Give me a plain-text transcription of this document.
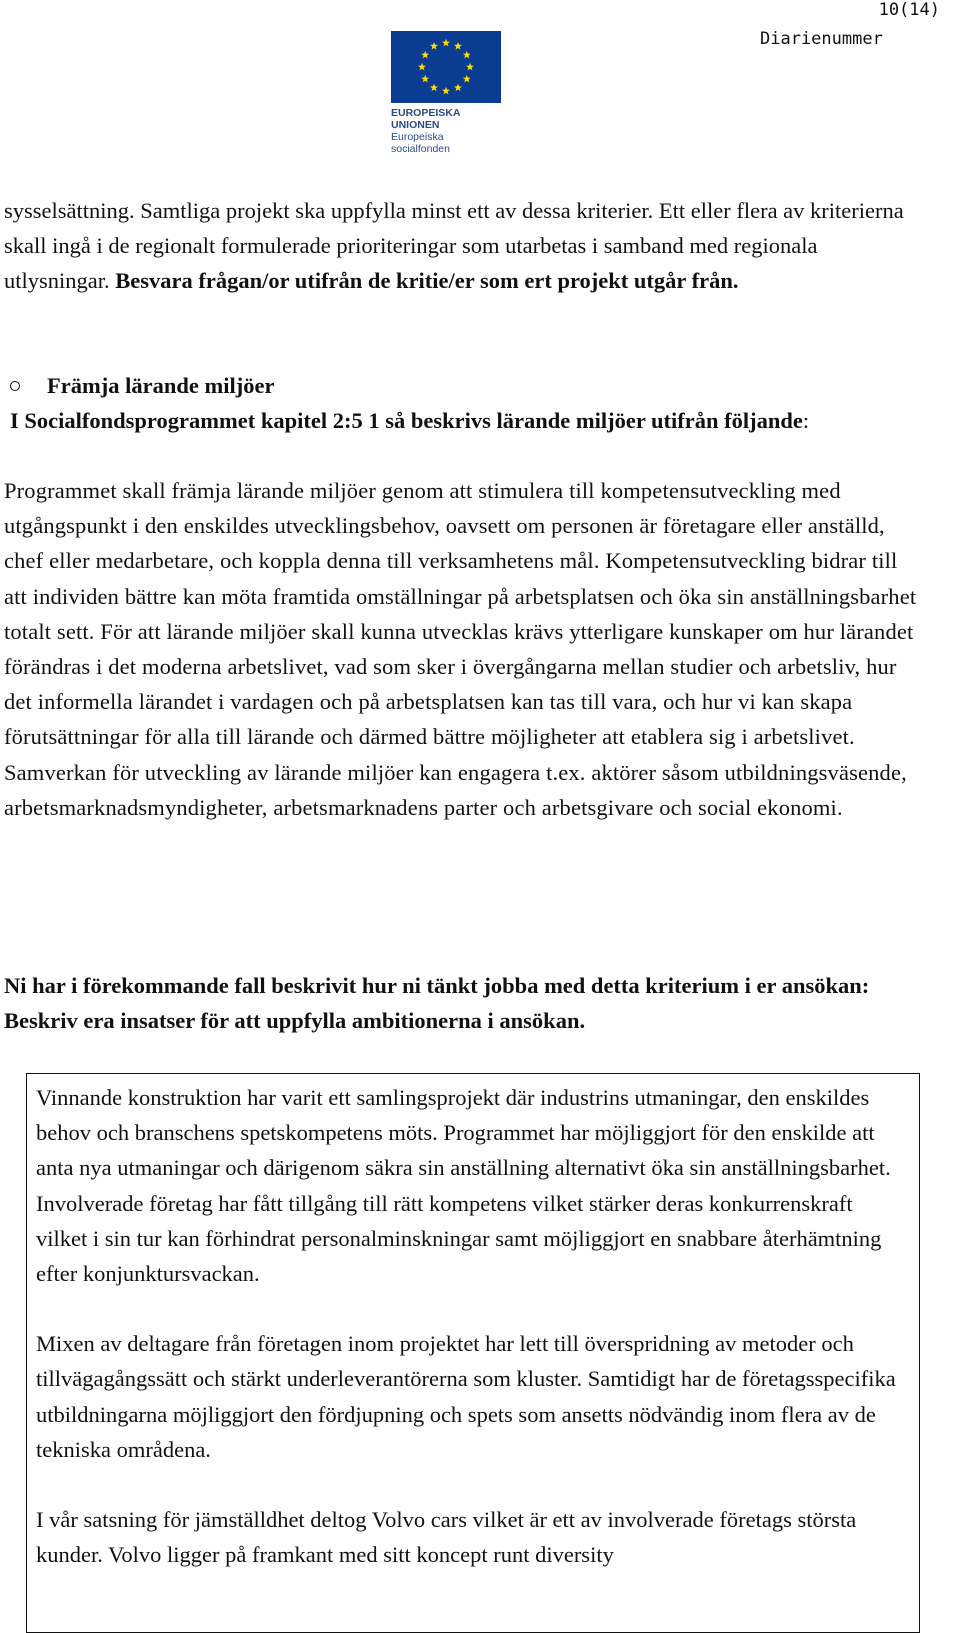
10(14)
Diarienummer
EUROPEISKA UNIONEN
Europeiska socialfonden
sysselsättning. Samtliga projekt ska uppfylla minst ett av dessa kriterier. Ett eller flera av kriterierna skall ingå i de regionalt formulerade prioriteringar som utarbetas i samband med regionala utlysningar. Besvara frågan/or utifrån de kritie/er som ert projekt utgår från.
Främja lärande miljöer
I Socialfondsprogrammet kapitel 2:5 1 så beskrivs lärande miljöer utifrån följande:
Programmet skall främja lärande miljöer genom att stimulera till kompetensutveckling med utgångspunkt i den enskildes utvecklingsbehov, oavsett om personen är företagare eller anställd, chef eller medarbetare, och koppla denna till verksamhetens mål. Kompetensutveckling bidrar till att individen bättre kan möta framtida omställningar på arbetsplatsen och öka sin anställningsbarhet totalt sett. För att lärande miljöer skall kunna utvecklas krävs ytterligare kunskaper om hur lärandet förändras i det moderna arbetslivet, vad som sker i övergångarna mellan studier och arbetsliv, hur det informella lärandet i vardagen och på arbetsplatsen kan tas till vara, och hur vi kan skapa förutsättningar för alla till lärande och därmed bättre möjligheter att etablera sig i arbetslivet. Samverkan för utveckling av lärande miljöer kan engagera t.ex. aktörer såsom utbildningsväsende, arbetsmarknadsmyndigheter, arbetsmarknadens parter och arbetsgivare och social ekonomi.
Ni har i förekommande fall beskrivit hur ni tänkt jobba med detta kriterium i er ansökan: Beskriv era insatser för att uppfylla ambitionerna i ansökan.

Vinnande konstruktion har varit ett samlingsprojekt där industrins utmaningar, den enskildes behov och branschens spetskompetens möts. Programmet har möjliggjort för den enskilde att anta nya utmaningar och därigenom säkra sin anställning alternativt öka sin anställningsbarhet. Involverade företag har fått tillgång till rätt kompetens vilket stärker deras konkurrenskraft vilket i sin tur kan förhindrat personalminskningar samt möjliggjort en snabbare återhämtning efter konjunktursvackan.

Mixen av deltagare från företagen inom projektet har lett till överspridning av metoder och tillvägagångssätt och stärkt underleverantörerna som kluster. Samtidigt har de företagsspecifika utbildningarna möjliggjort den fördjupning och spets som ansetts nödvändig inom flera av de tekniska områdena.

I vår satsning för jämställdhet deltog Volvo cars vilket är ett av involverade företags största kunder. Volvo ligger på framkant med sitt koncept runt diversity
